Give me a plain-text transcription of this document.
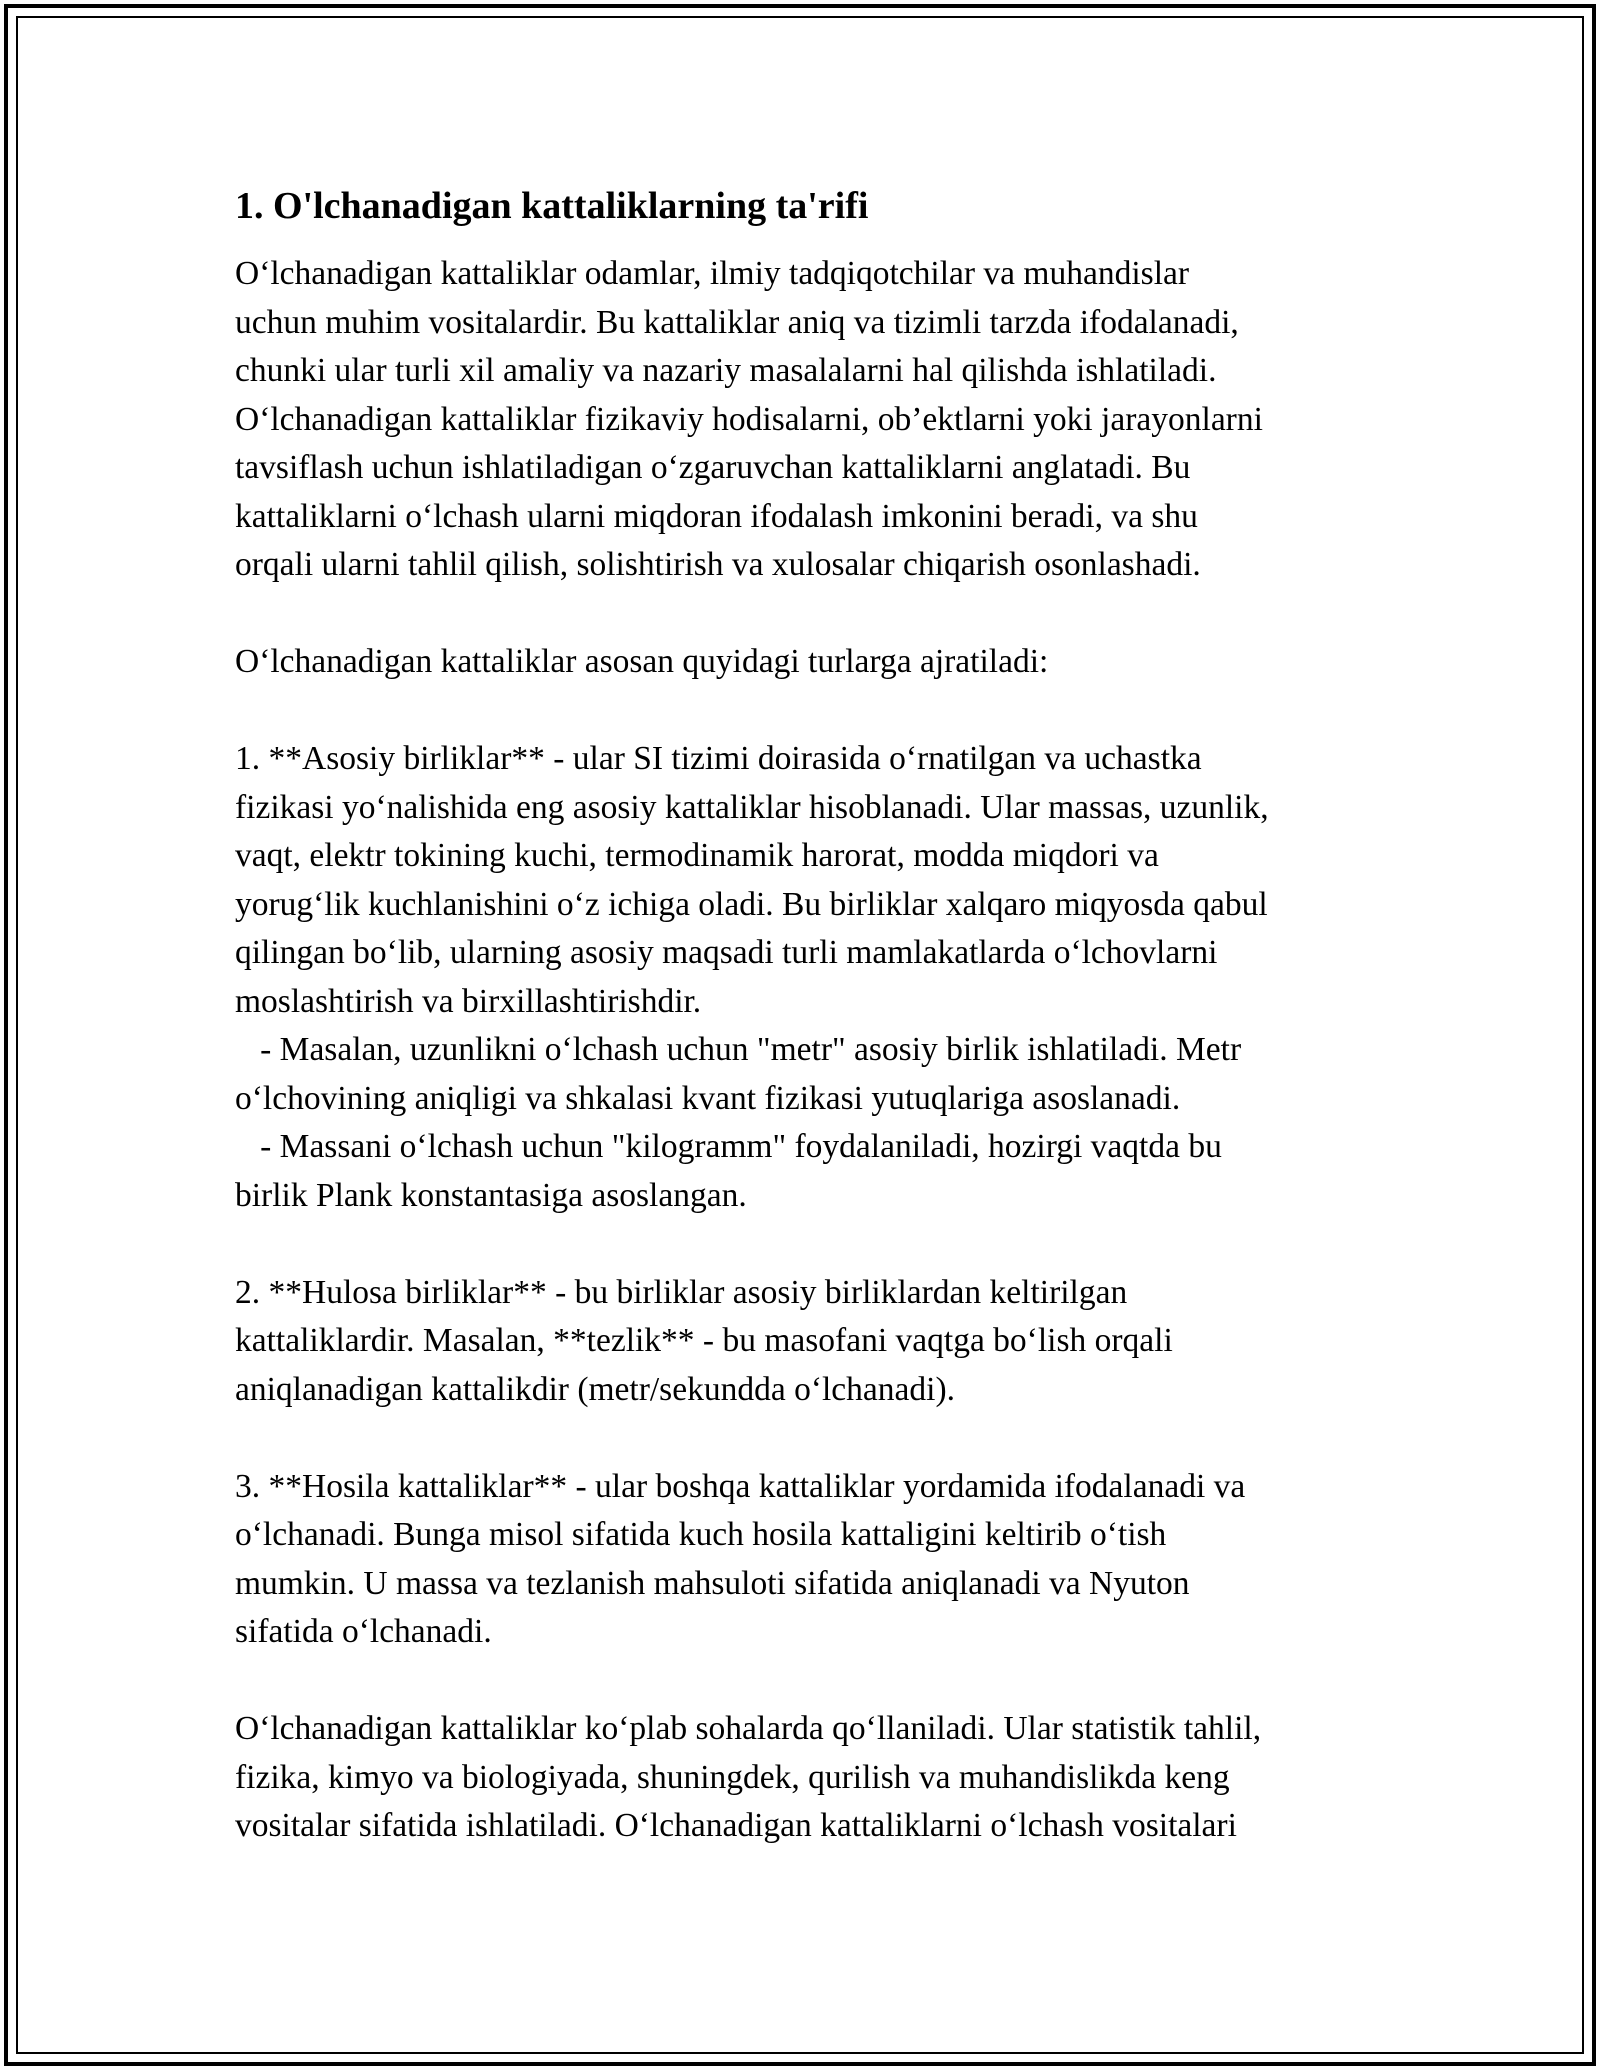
1. O'lchanadigan kattaliklarning ta'rifi
O‘lchanadigan kattaliklar odamlar, ilmiy tadqiqotchilar va muhandislar
uchun muhim vositalardir. Bu kattaliklar aniq va tizimli tarzda ifodalanadi,
chunki ular turli xil amaliy va nazariy masalalarni hal qilishda ishlatiladi.
O‘lchanadigan kattaliklar fizikaviy hodisalarni, ob’ektlarni yoki jarayonlarni
tavsiflash uchun ishlatiladigan o‘zgaruvchan kattaliklarni anglatadi. Bu
kattaliklarni o‘lchash ularni miqdoran ifodalash imkonini beradi, va shu
orqali ularni tahlil qilish, solishtirish va xulosalar chiqarish osonlashadi.
O‘lchanadigan kattaliklar asosan quyidagi turlarga ajratiladi:
1. **Asosiy birliklar** - ular SI tizimi doirasida o‘rnatilgan va uchastka
fizikasi yo‘nalishida eng asosiy kattaliklar hisoblanadi. Ular massas, uzunlik,
vaqt, elektr tokining kuchi, termodinamik harorat, modda miqdori va
yorug‘lik kuchlanishini o‘z ichiga oladi. Bu birliklar xalqaro miqyosda qabul
qilingan bo‘lib, ularning asosiy maqsadi turli mamlakatlarda o‘lchovlarni
moslashtirish va birxillashtirishdir.
- Masalan, uzunlikni o‘lchash uchun "metr" asosiy birlik ishlatiladi. Metr
o‘lchovining aniqligi va shkalasi kvant fizikasi yutuqlariga asoslanadi.
- Massani o‘lchash uchun "kilogramm" foydalaniladi, hozirgi vaqtda bu
birlik Plank konstantasiga asoslangan.
2. **Hulosa birliklar** - bu birliklar asosiy birliklardan keltirilgan
kattaliklardir. Masalan, **tezlik** - bu masofani vaqtga bo‘lish orqali
aniqlanadigan kattalikdir (metr/sekundda o‘lchanadi).
3. **Hosila kattaliklar** - ular boshqa kattaliklar yordamida ifodalanadi va
o‘lchanadi. Bunga misol sifatida kuch hosila kattaligini keltirib o‘tish
mumkin. U massa va tezlanish mahsuloti sifatida aniqlanadi va Nyuton
sifatida o‘lchanadi.
O‘lchanadigan kattaliklar ko‘plab sohalarda qo‘llaniladi. Ular statistik tahlil,
fizika, kimyo va biologiyada, shuningdek, qurilish va muhandislikda keng
vositalar sifatida ishlatiladi. O‘lchanadigan kattaliklarni o‘lchash vositalari
